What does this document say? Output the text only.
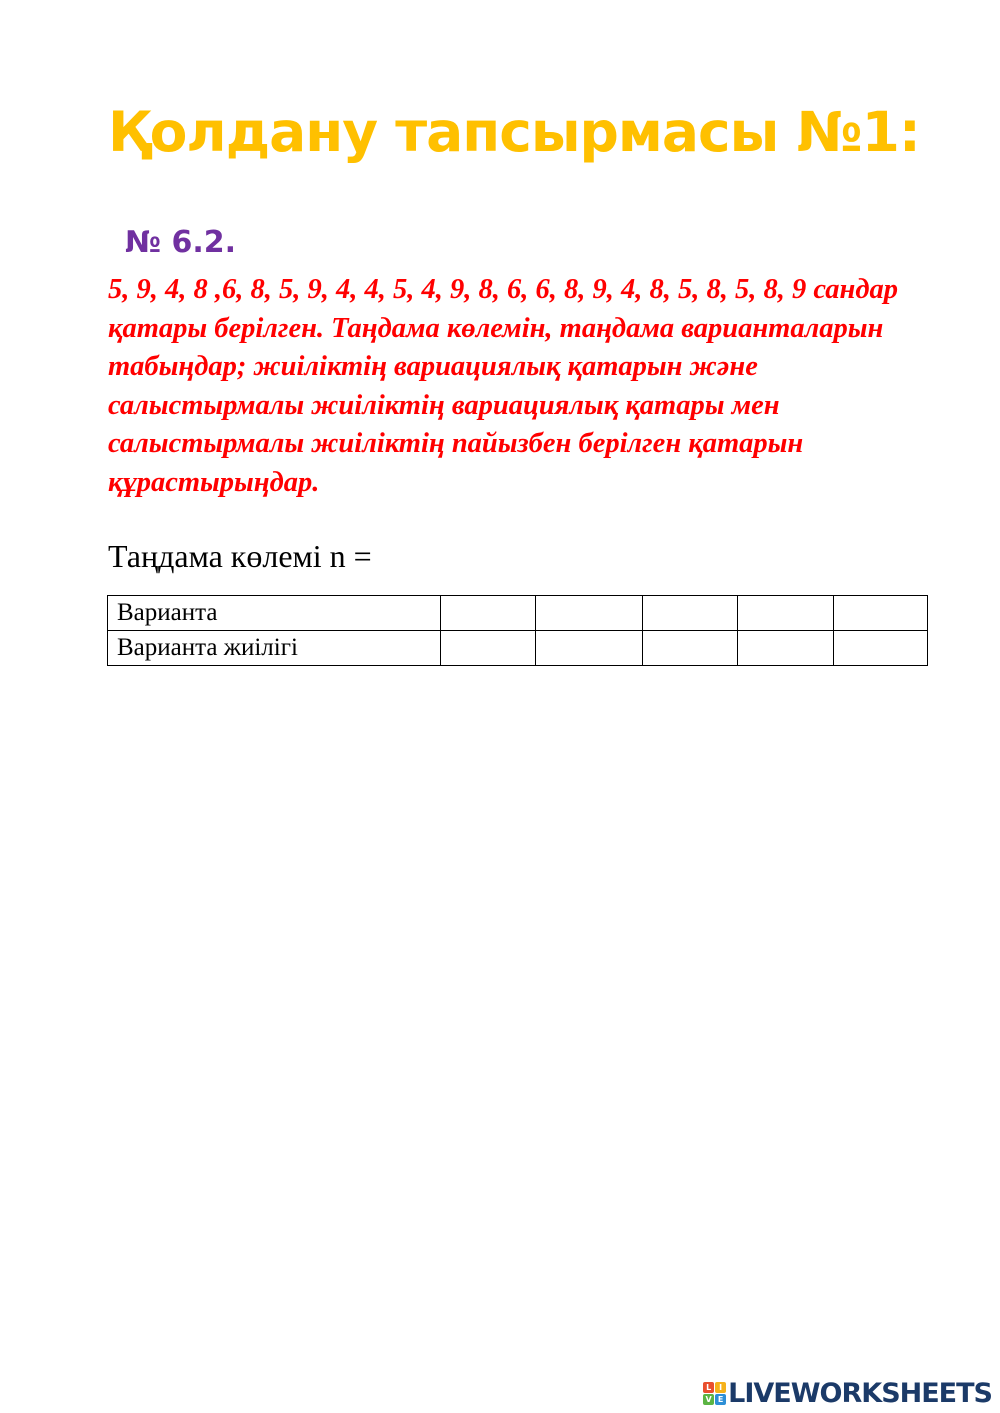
Қолдану тапсырмасы №1:
№ 6.2.

5, 9, 4, 8 ,6, 8, 5, 9, 4, 4, 5, 4, 9, 8, 6, 6, 8, 9, 4, 8, 5, 8, 5, 8, 9 сандар қатары берілген. Таңдама көлемін, таңдама варианталарын табыңдар; жиіліктің вариациялық қатарын және салыстырмалы жиіліктің вариациялық қатары мен салыстырмалы жиіліктің пайызбен берілген қатарын құрастырыңдар.

Таңдама көлемі n =
Варианта					
Варианта жиілігі					
L I
V E LIVEWORKSHEETS
